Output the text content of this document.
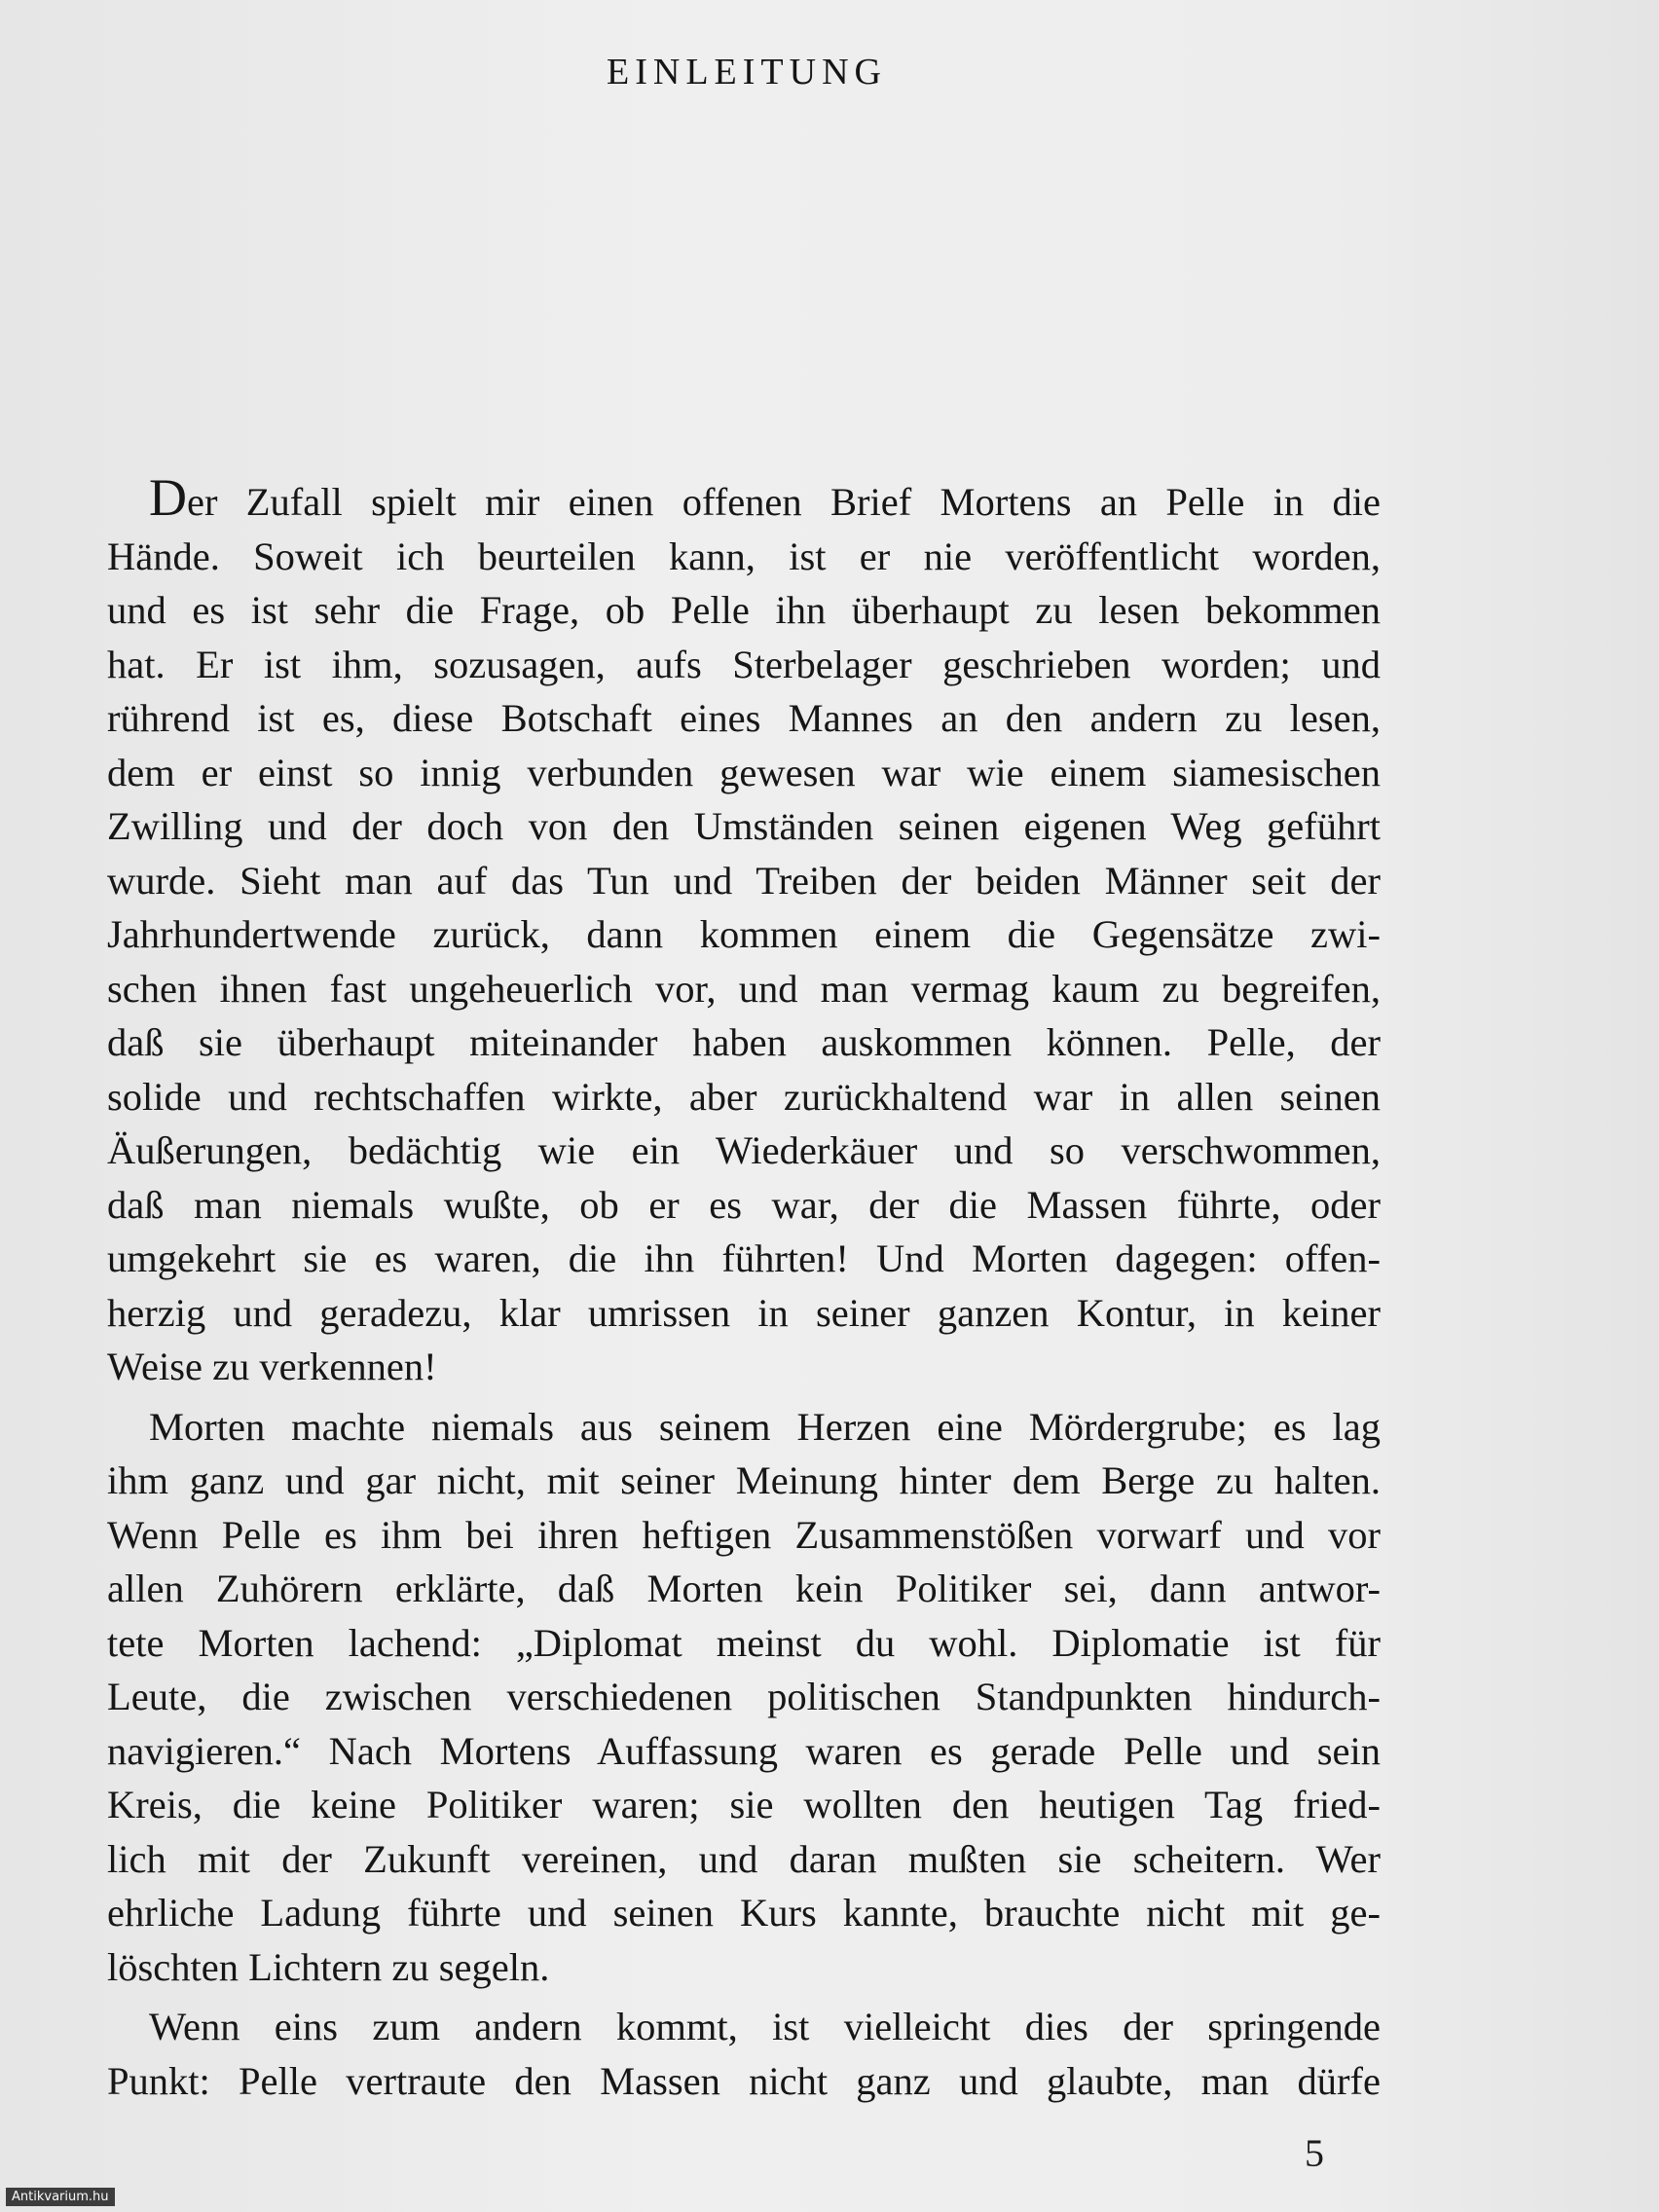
EINLEITUNG
Der Zufall spielt mir einen offenen Brief Mortens an Pelle in die
Hände. Soweit ich beurteilen kann, ist er nie veröffentlicht worden,
und es ist sehr die Frage, ob Pelle ihn überhaupt zu lesen bekommen
hat. Er ist ihm, sozusagen, aufs Sterbelager geschrieben worden; und
rührend ist es, diese Botschaft eines Mannes an den andern zu lesen,
dem er einst so innig verbunden gewesen war wie einem siamesischen
Zwilling und der doch von den Umständen seinen eigenen Weg geführt
wurde. Sieht man auf das Tun und Treiben der beiden Männer seit der
Jahrhundertwende zurück, dann kommen einem die Gegensätze zwi-
schen ihnen fast ungeheuerlich vor, und man vermag kaum zu begreifen,
daß sie überhaupt miteinander haben auskommen können. Pelle, der
solide und rechtschaffen wirkte, aber zurückhaltend war in allen seinen
Äußerungen, bedächtig wie ein Wiederkäuer und so verschwommen,
daß man niemals wußte, ob er es war, der die Massen führte, oder
umgekehrt sie es waren, die ihn führten! Und Morten dagegen: offen-
herzig und geradezu, klar umrissen in seiner ganzen Kontur, in keiner
Weise zu verkennen!
Morten machte niemals aus seinem Herzen eine Mördergrube; es lag
ihm ganz und gar nicht, mit seiner Meinung hinter dem Berge zu halten.
Wenn Pelle es ihm bei ihren heftigen Zusammenstößen vorwarf und vor
allen Zuhörern erklärte, daß Morten kein Politiker sei, dann antwor-
tete Morten lachend: „Diplomat meinst du wohl. Diplomatie ist für
Leute, die zwischen verschiedenen politischen Standpunkten hindurch-
navigieren.“ Nach Mortens Auffassung waren es gerade Pelle und sein
Kreis, die keine Politiker waren; sie wollten den heutigen Tag fried-
lich mit der Zukunft vereinen, und daran mußten sie scheitern. Wer
ehrliche Ladung führte und seinen Kurs kannte, brauchte nicht mit ge-
löschten Lichtern zu segeln.
Wenn eins zum andern kommt, ist vielleicht dies der springende
Punkt: Pelle vertraute den Massen nicht ganz und glaubte, man dürfe
5
Antikvarium.hu
